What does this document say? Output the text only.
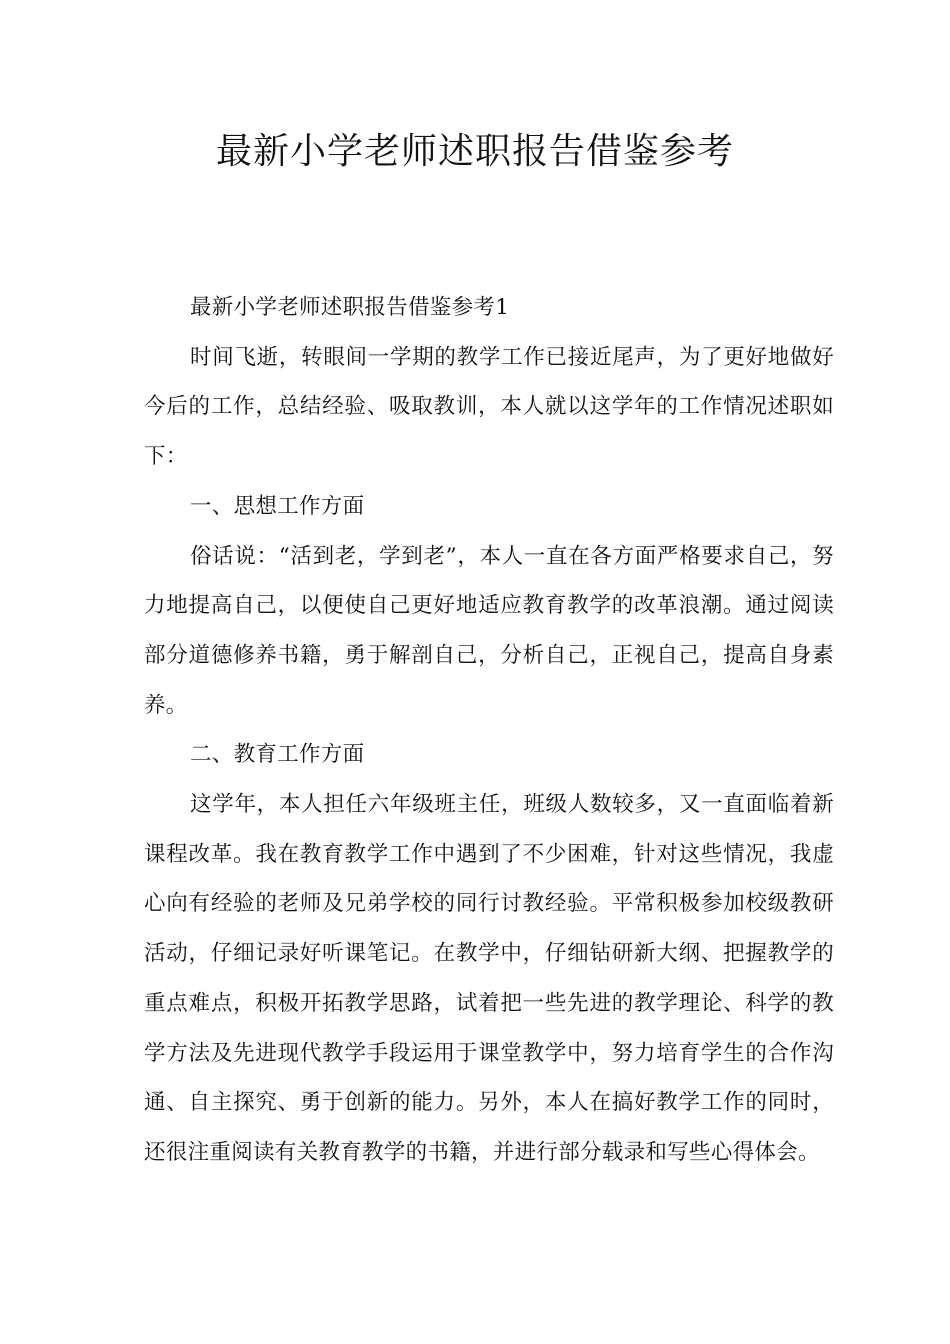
最新小学老师述职报告借鉴参考

最新小学老师述职报告借鉴参考1

时间飞逝，转眼间一学期的教学工作已接近尾声，为了更好地做好今后的工作，总结经验、吸取教训，本人就以这学年的工作情况述职如下：

一、思想工作方面

俗话说：“活到老，学到老”，本人一直在各方面严格要求自己，努力地提高自己，以便使自己更好地适应教育教学的改革浪潮。通过阅读部分道德修养书籍，勇于解剖自己，分析自己，正视自己，提高自身素养。

二、教育工作方面

这学年，本人担任六年级班主任，班级人数较多，又一直面临着新课程改革。我在教育教学工作中遇到了不少困难，针对这些情况，我虚心向有经验的老师及兄弟学校的同行讨教经验。平常积极参加校级教研活动，仔细记录好听课笔记。在教学中，仔细钻研新大纲、把握教学的重点难点，积极开拓教学思路，试着把一些先进的教学理论、科学的教学方法及先进现代教学手段运用于课堂教学中，努力培育学生的合作沟通、自主探究、勇于创新的能力。另外，本人在搞好教学工作的同时，还很注重阅读有关教育教学的书籍，并进行部分载录和写些心得体会。
